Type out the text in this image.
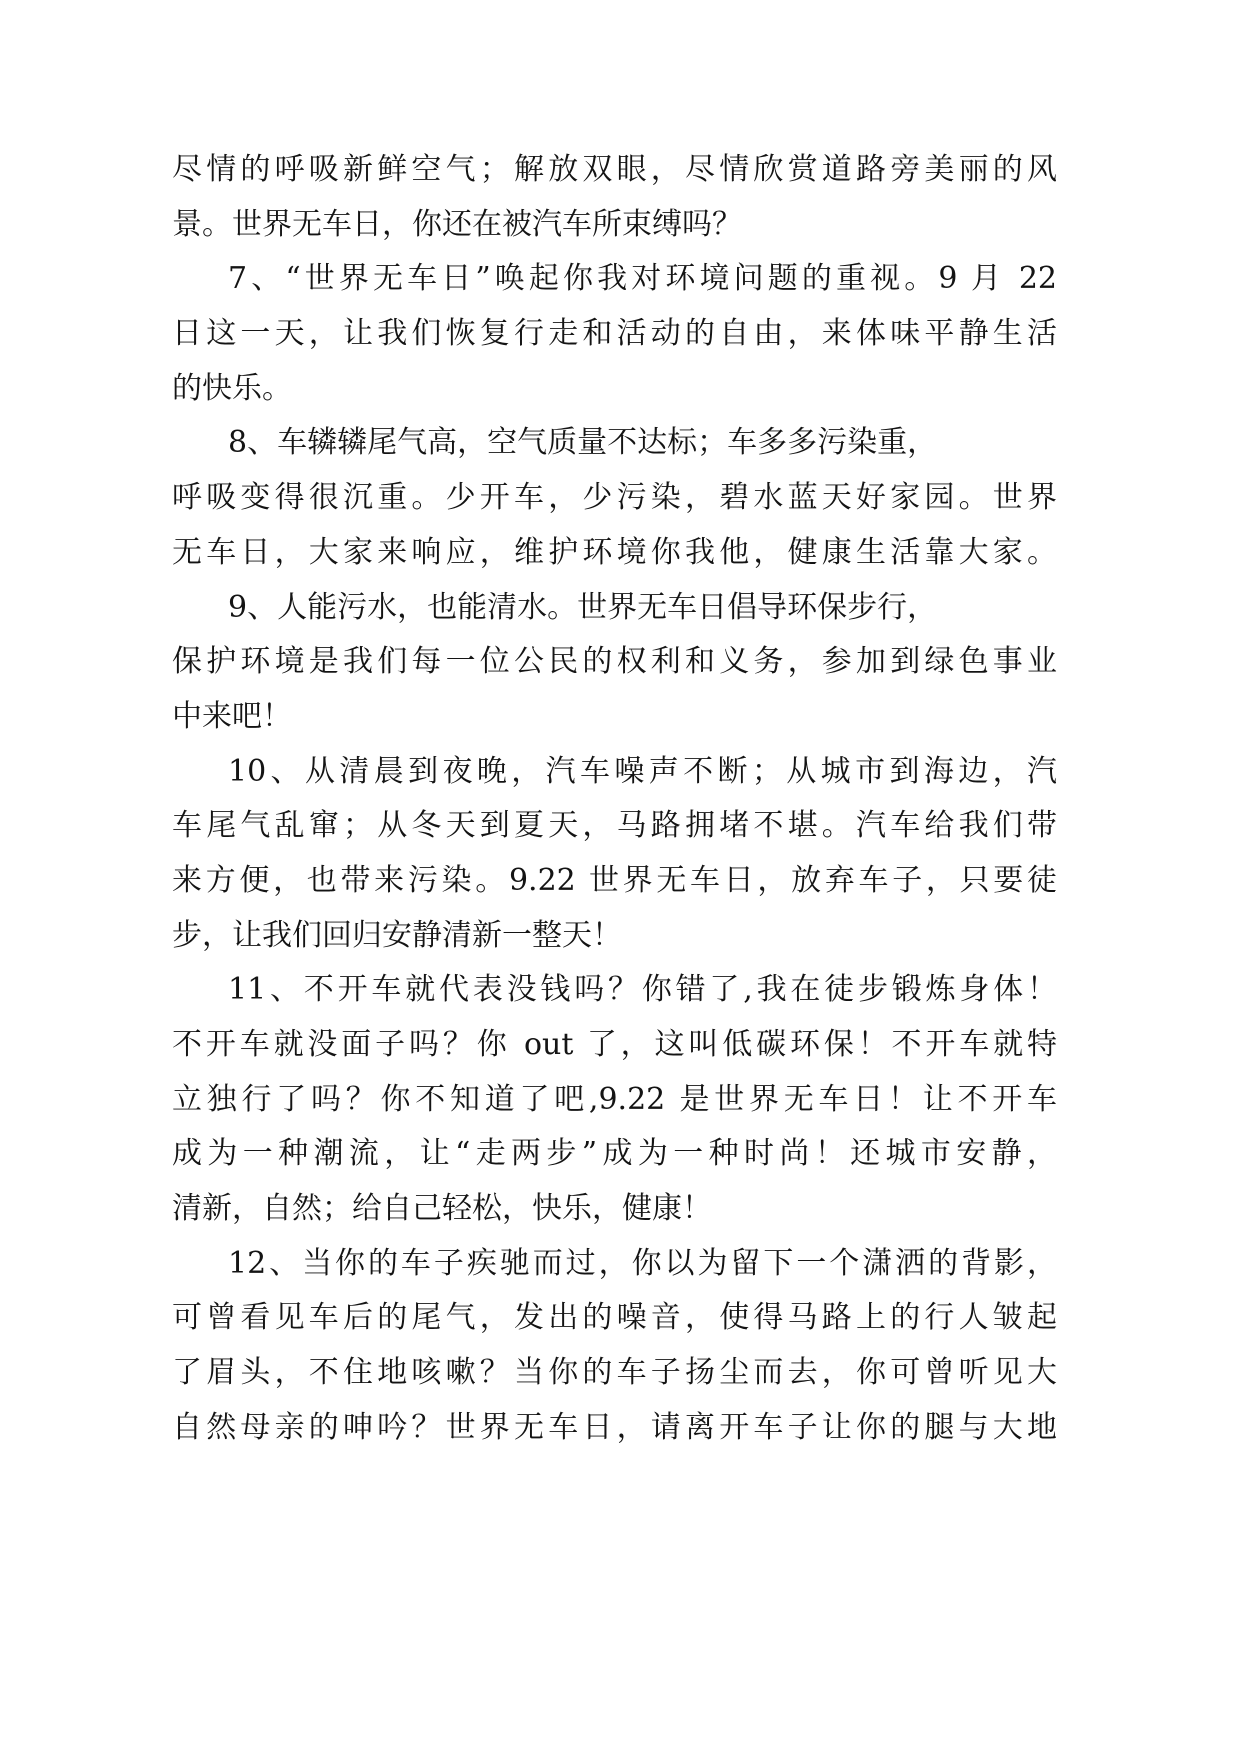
尽情的呼吸新鲜空气；解放双眼，尽情欣赏道路旁美丽的风
景。世界无车日，你还在被汽车所束缚吗？
7、“世界无车日”唤起你我对环境问题的重视。9 月 22
日这一天，让我们恢复行走和活动的自由，来体味平静生活
的快乐。
8、车辚辚尾气高，空气质量不达标；车多多污染重，
呼吸变得很沉重。少开车，少污染，碧水蓝天好家园。世界
无车日，大家来响应，维护环境你我他，健康生活靠大家。
9、人能污水，也能清水。世界无车日倡导环保步行，
保护环境是我们每一位公民的权利和义务，参加到绿色事业
中来吧！
10、从清晨到夜晚，汽车噪声不断；从城市到海边，汽
车尾气乱窜；从冬天到夏天，马路拥堵不堪。汽车给我们带
来方便，也带来污染。9.22 世界无车日，放弃车子，只要徒
步，让我们回归安静清新一整天！
11、不开车就代表没钱吗？你错了,我在徒步锻炼身体！
不开车就没面子吗？你 out 了，这叫低碳环保！不开车就特
立独行了吗？你不知道了吧,9.22 是世界无车日！让不开车
成为一种潮流，让“走两步”成为一种时尚！还城市安静，
清新，自然；给自己轻松，快乐，健康！
12、当你的车子疾驰而过，你以为留下一个潇洒的背影，
可曾看见车后的尾气，发出的噪音，使得马路上的行人皱起
了眉头，不住地咳嗽？当你的车子扬尘而去，你可曾听见大
自然母亲的呻吟？世界无车日，请离开车子让你的腿与大地
